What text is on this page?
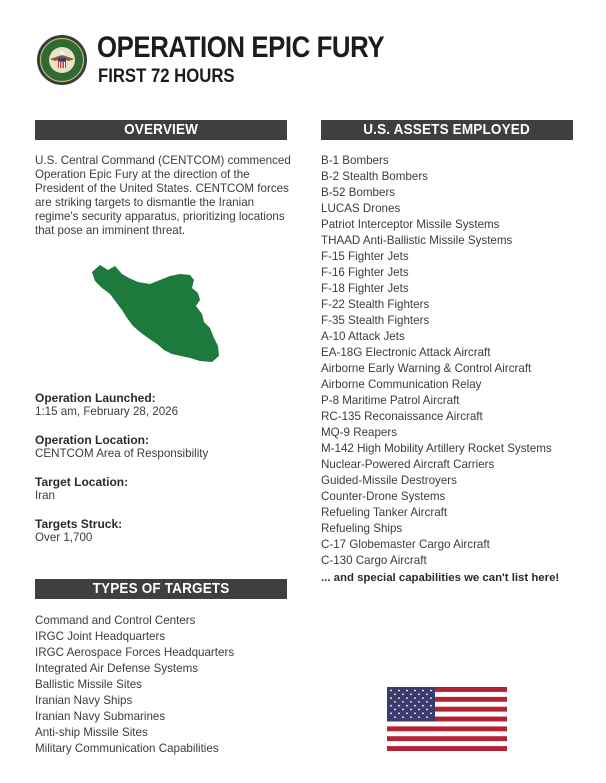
OPERATION EPIC FURY
FIRST 72 HOURS
OVERVIEW
U.S. Central Command (CENTCOM) commenced Operation Epic Fury at the direction of the President of the United States. CENTCOM forces are striking targets to dismantle the Iranian regime's security apparatus, prioritizing locations that pose an imminent threat.
Operation Launched:
1:15 am, February 28, 2026
Operation Location:
CENTCOM Area of Responsibility
Target Location:
Iran
Targets Struck:
Over 1,700
TYPES OF TARGETS
Command and Control Centers
IRGC Joint Headquarters
IRGC Aerospace Forces Headquarters
Integrated Air Defense Systems
Ballistic Missile Sites
Iranian Navy Ships
Iranian Navy Submarines
Anti-ship Missile Sites
Military Communication Capabilities
U.S. ASSETS EMPLOYED
B-1 Bombers
B-2 Stealth Bombers
B-52 Bombers
LUCAS Drones
Patriot Interceptor Missile Systems
THAAD Anti-Ballistic Missile Systems
F-15 Fighter Jets
F-16 Fighter Jets
F-18 Fighter Jets
F-22 Stealth Fighters
F-35 Stealth Fighters
A-10 Attack Jets
EA-18G Electronic Attack Aircraft
Airborne Early Warning & Control Aircraft
Airborne Communication Relay
P-8 Maritime Patrol Aircraft
RC-135 Reconaissance Aircraft
MQ-9 Reapers
M-142 High Mobility Artillery Rocket Systems
Nuclear-Powered Aircraft Carriers
Guided-Missile Destroyers
Counter-Drone Systems
Refueling Tanker Aircraft
Refueling Ships
C-17 Globemaster Cargo Aircraft
C-130 Cargo Aircraft
... and special capabilities we can't list here!
